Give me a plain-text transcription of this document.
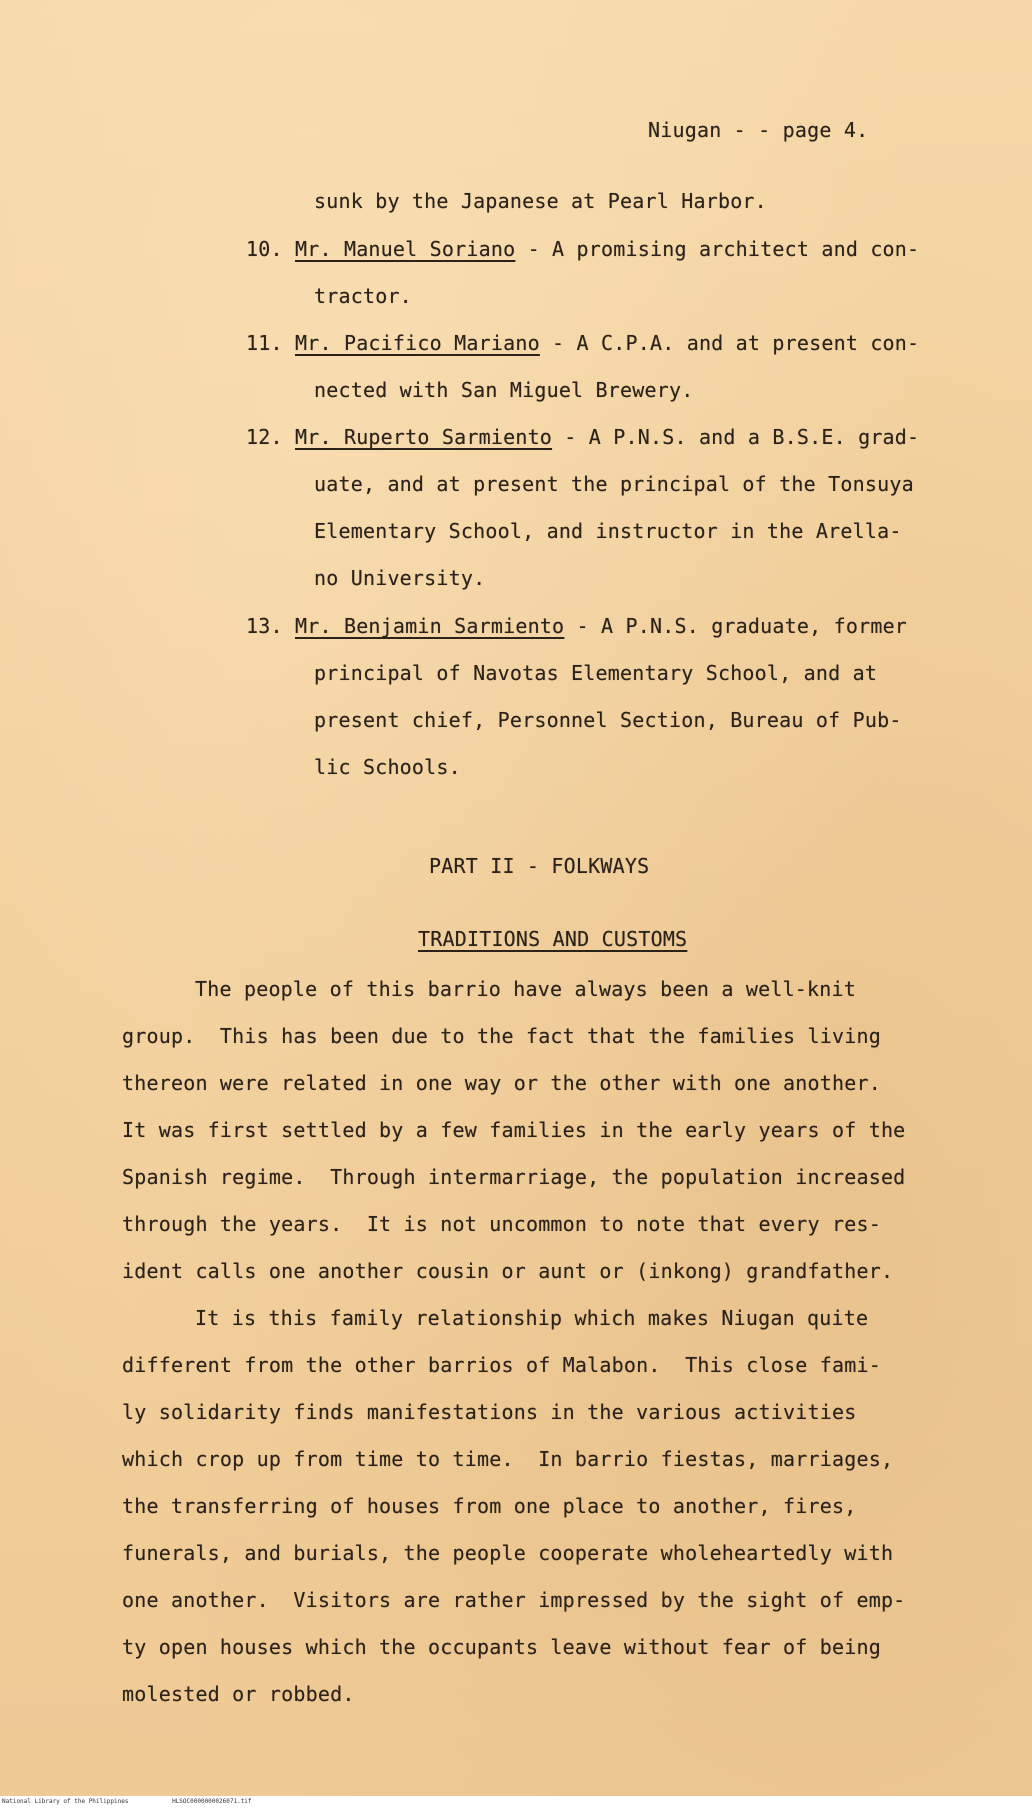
Niugan - - page 4.
sunk by the Japanese at Pearl Harbor.
10. Mr. Manuel Soriano - A promising architect and con-
tractor.
11. Mr. Pacifico Mariano - A C.P.A. and at present con-
nected with San Miguel Brewery.
12. Mr. Ruperto Sarmiento - A P.N.S. and a B.S.E. grad-
uate, and at present the principal of the Tonsuya
Elementary School, and instructor in the Arella-
no University.
13. Mr. Benjamin Sarmiento - A P.N.S. graduate, former
principal of Navotas Elementary School, and at
present chief, Personnel Section, Bureau of Pub-
lic Schools.
PART II - FOLKWAYS
TRADITIONS AND CUSTOMS
The people of this barrio have always been a well-knit
group.  This has been due to the fact that the families living
thereon were related in one way or the other with one another.
It was first settled by a few families in the early years of the
Spanish regime.  Through intermarriage, the population increased
through the years.  It is not uncommon to note that every res-
ident calls one another cousin or aunt or (inkong) grandfather.
It is this family relationship which makes Niugan quite
different from the other barrios of Malabon.  This close fami-
ly solidarity finds manifestations in the various activities
which crop up from time to time.  In barrio fiestas, marriages,
the transferring of houses from one place to another, fires,
funerals, and burials, the people cooperate wholeheartedly with
one another.  Visitors are rather impressed by the sight of emp-
ty open houses which the occupants leave without fear of being
molested or robbed.
National Library of the Philippines	HLSOC0000000026071.tif
